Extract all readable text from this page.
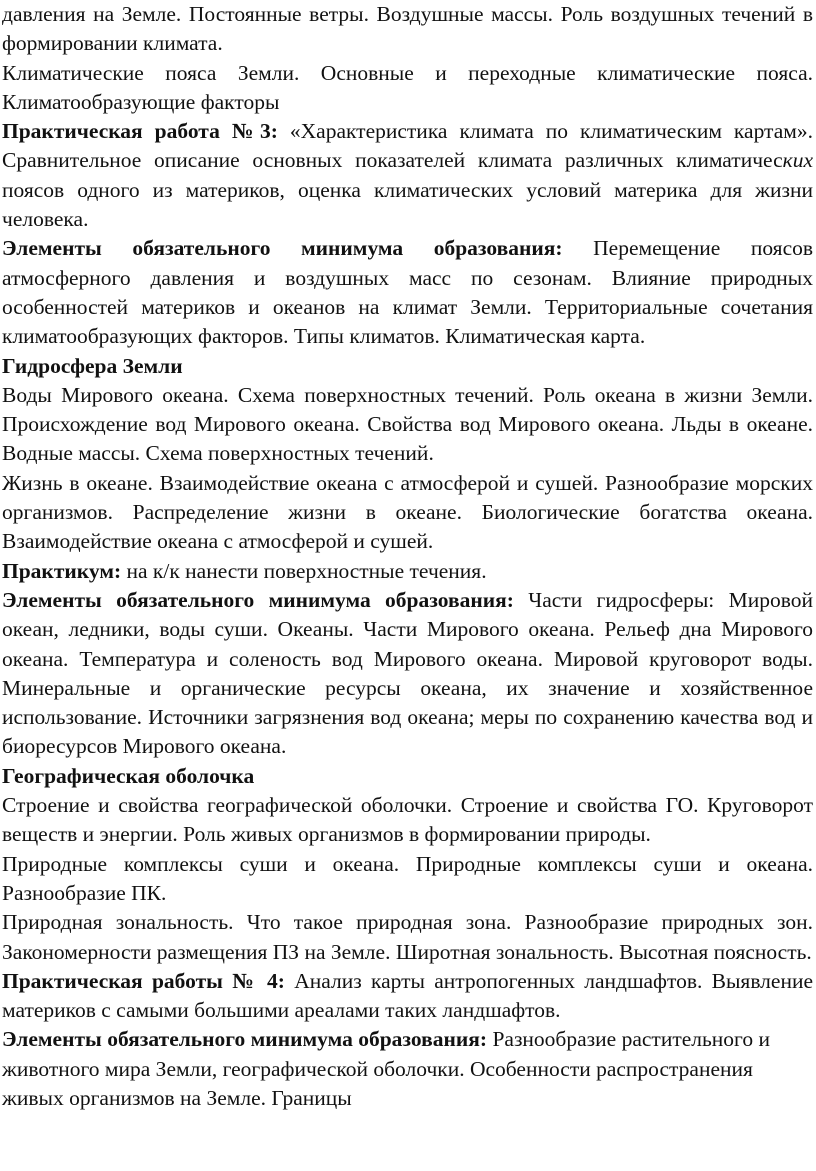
давления на Земле. Постоянные ветры. Воздушные массы. Роль воздушных течений в формировании климата.

Климатические пояса Земли. Основные и переходные климатические пояса. Климатообразующие факторы

Практическая работа №3: «Характеристика климата по климатическим картам». Сравнительное описание основных показателей климата различных климатических поясов одного из материков, оценка климатических условий материка для жизни человека.

Элементы обязательного минимума образования: Перемещение поясов атмосферного давления и воздушных масс по сезонам. Влияние природных особенностей материков и океанов на климат Земли. Территориальные сочетания климатообразующих факторов. Типы климатов. Климатическая карта.

Гидросфера Земли

Воды Мирового океана. Схема поверхностных течений. Роль океана в жизни Земли. Происхождение вод Мирового океана. Свойства вод Мирового океана. Льды в океане. Водные массы. Схема поверхностных течений.

Жизнь в океане. Взаимодействие океана с атмосферой и сушей. Разнообразие морских организмов. Распределение жизни в океане. Биологические богатства океана. Взаимодействие океана с атмосферой и сушей.

Практикум: на к/к нанести поверхностные течения.

Элементы обязательного минимума образования: Части гидросферы: Мировой океан, ледники, воды суши. Океаны. Части Мирового океана. Рельеф дна Мирового океана. Температура и соленость вод Мирового океана. Мировой круговорот воды. Минеральные и органические ресурсы океана, их значение и хозяйственное использование. Источники загрязнения вод океана; меры по сохранению качества вод и биоресурсов Мирового океана.

Географическая оболочка

Строение и свойства географической оболочки. Строение и свойства ГО. Круговорот веществ и энергии. Роль живых организмов в формировании природы.

Природные комплексы суши и океана. Природные комплексы суши и океана. Разнообразие ПК.

Природная зональность. Что такое природная зона. Разнообразие природных зон. Закономерности размещения ПЗ на Земле. Широтная зональность. Высотная поясность.

Практическая работы № 4: Анализ карты антропогенных ландшафтов. Выявление материков с самыми большими ареалами таких ландшафтов.

Элементы обязательного минимума образования: Разнообразие растительного и животного мира Земли, географической оболочки. Особенности распространения живых организмов на Земле. Границы
